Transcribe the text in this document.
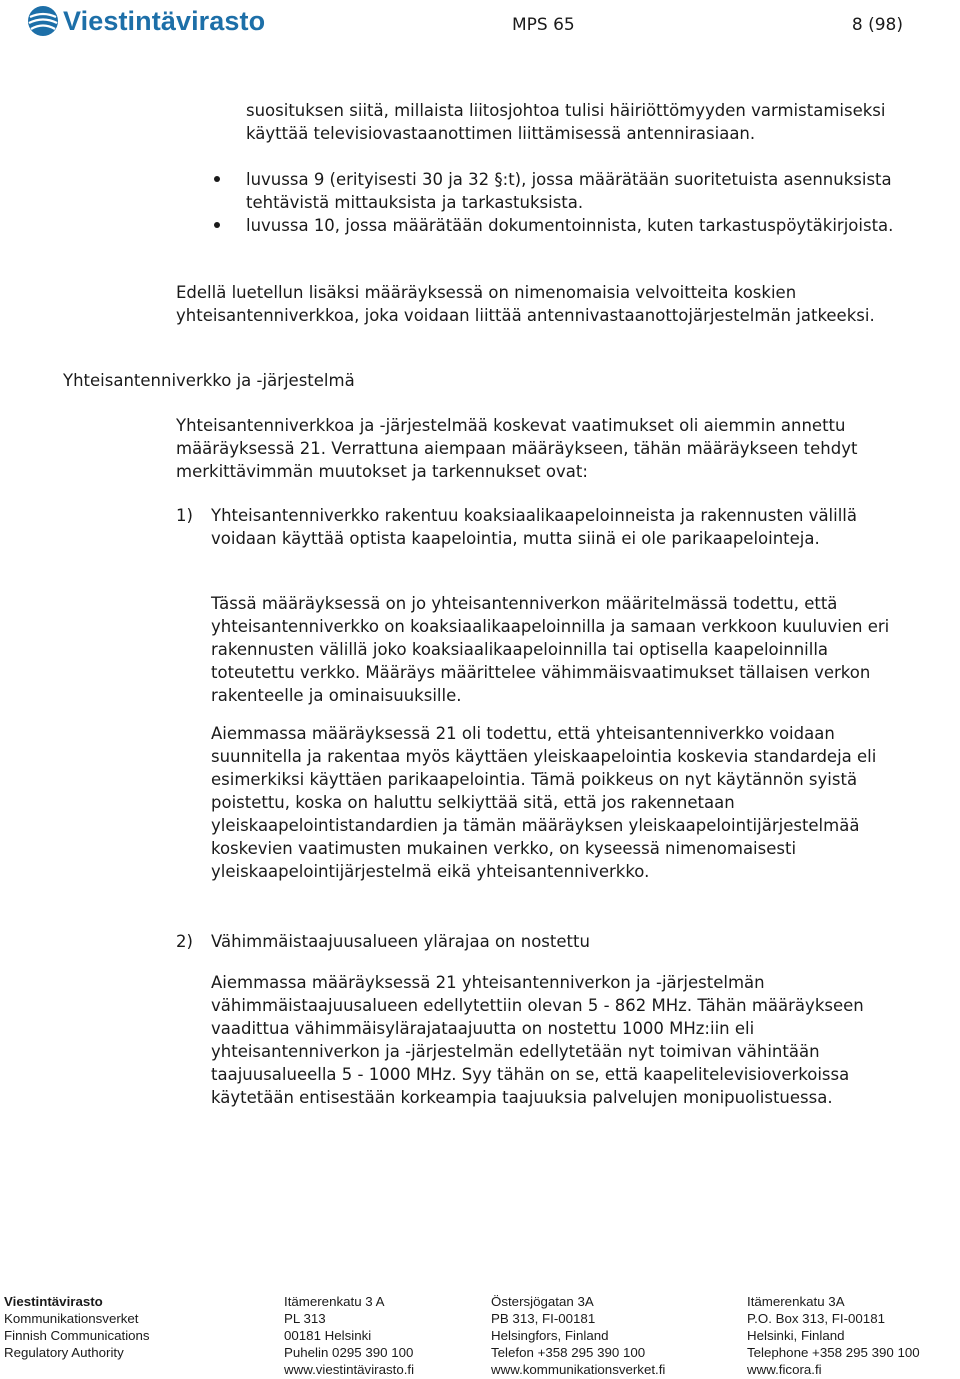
Viestintävirasto	MPS 65	8 (98)
suosituksen siitä, millaista liitosjohtoa tulisi häiriöttömyyden varmistamiseksi käyttää televisiovastaanottimen liittämisessä antennirasiaan.
luvussa 9 (erityisesti 30 ja 32 §:t), jossa määrätään suoritetuista asennuksista tehtävistä mittauksista ja tarkastuksista.
luvussa 10, jossa määrätään dokumentoinnista, kuten tarkastuspöytäkirjoista.
Edellä luetellun lisäksi määräyksessä on nimenomaisia velvoitteita koskien yhteisantenniverkkoa, joka voidaan liittää antennivastaanottojärjestelmän jatkeeksi.
Yhteisantenniverkko ja -järjestelmä
Yhteisantenniverkkoa ja -järjestelmää koskevat vaatimukset oli aiemmin annettu määräyksessä 21. Verrattuna aiempaan määräykseen, tähän määräykseen tehdyt merkittävimmän muutokset ja tarkennukset ovat:
1) Yhteisantenniverkko rakentuu koaksiaalikaapeloinneista ja rakennusten välillä voidaan käyttää optista kaapelointia, mutta siinä ei ole parikaapelointeja.
Tässä määräyksessä on jo yhteisantenniverkon määritelmässä todettu, että yhteisantenniverkko on koaksiaalikaapeloinnilla ja samaan verkkoon kuuluvien eri rakennusten välillä joko koaksiaalikaapeloinnilla tai optisella kaapeloinnilla toteutettu verkko. Määräys määrittelee vähimmäisvaatimukset tällaisen verkon rakenteelle ja ominaisuuksille.
Aiemmassa määräyksessä 21 oli todettu, että yhteisantenniverkko voidaan suunnitella ja rakentaa myös käyttäen yleiskaapelointia koskevia standardeja eli esimerkiksi käyttäen parikaapelointia. Tämä poikkeus on nyt käytännön syistä poistettu, koska on haluttu selkiyttää sitä, että jos rakennetaan yleiskaapelointistandardien ja tämän määräyksen yleiskaapelointijärjestelmää koskevien vaatimusten mukainen verkko, on kyseessä nimenomaisesti yleiskaapelointijärjestelmä eikä yhteisantenniverkko.
2) Vähimmäistaajuusalueen ylärajaa on nostettu
Aiemmassa määräyksessä 21 yhteisantenniverkon ja -järjestelmän vähimmäistaajuusalueen edellytettiin olevan 5 - 862 MHz. Tähän määräykseen vaadittua vähimmäisylärajataajuutta on nostettu 1000 MHz:iin eli yhteisantenniverkon ja -järjestelmän edellytetään nyt toimivan vähintään taajuusalueella 5 - 1000 MHz. Syy tähän on se, että kaapelitelevisioverkoissa käytetään entisestään korkeampia taajuuksia palvelujen monipuolistuessa.
Viestintävirasto
Kommunikationsverket
Finnish Communications
Regulatory Authority
Itämerenkatu 3 A
PL 313
00181 Helsinki
Puhelin 0295 390 100
www.viestintävirasto.fi
Östersjögatan 3A
PB 313, FI-00181
Helsingfors, Finland
Telefon +358 295 390 100
www.kommunikationsverket.fi
Itämerenkatu 3A
P.O. Box 313, FI-00181
Helsinki, Finland
Telephone +358 295 390 100
www.ficora.fi
